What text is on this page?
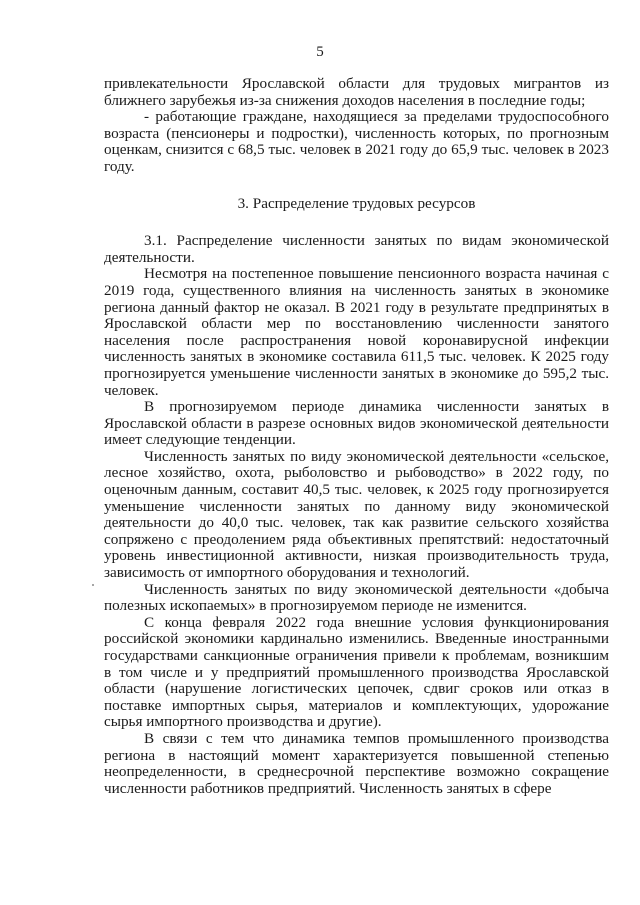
5

привлекательности Ярославской области для трудовых мигрантов из ближнего зарубежья из-за снижения доходов населения в последние годы;

- работающие граждане, находящиеся за пределами трудоспособного возраста (пенсионеры и подростки), численность которых, по прогнозным оценкам, снизится с 68,5 тыс. человек в 2021 году до 65,9 тыс. человек в 2023 году.

3. Распределение трудовых ресурсов

3.1. Распределение численности занятых по видам экономической деятельности.

Несмотря на постепенное повышение пенсионного возраста начиная с 2019 года, существенного влияния на численность занятых в экономике региона данный фактор не оказал. В 2021 году в результате предпринятых в Ярославской области мер по восстановлению численности занятого населения после распространения новой коронавирусной инфекции численность занятых в экономике составила 611,5 тыс. человек. К 2025 году прогнозируется уменьшение численности занятых в экономике до 595,2 тыс. человек.

В прогнозируемом периоде динамика численности занятых в Ярославской области в разрезе основных видов экономической деятельности имеет следующие тенденции.

Численность занятых по виду экономической деятельности «сельское, лесное хозяйство, охота, рыболовство и рыбоводство» в 2022 году, по оценочным данным, составит 40,5 тыс. человек, к 2025 году прогнозируется уменьшение численности занятых по данному виду экономической деятельности до 40,0 тыс. человек, так как развитие сельского хозяйства сопряжено с преодолением ряда объективных препятствий: недостаточный уровень инвестиционной активности, низкая производительность труда, зависимость от импортного оборудования и технологий.

Численность занятых по виду экономической деятельности «добыча полезных ископаемых» в прогнозируемом периоде не изменится.

С конца февраля 2022 года внешние условия функционирования российской экономики кардинально изменились. Введенные иностранными государствами санкционные ограничения привели к проблемам, возникшим в том числе и у предприятий промышленного производства Ярославской области (нарушение логистических цепочек, сдвиг сроков или отказ в поставке импортных сырья, материалов и комплектующих, удорожание сырья импортного производства и другие).

В связи с тем что динамика темпов промышленного производства региона в настоящий момент характеризуется повышенной степенью неопределенности, в среднесрочной перспективе возможно сокращение численности работников предприятий. Численность занятых в сфере
